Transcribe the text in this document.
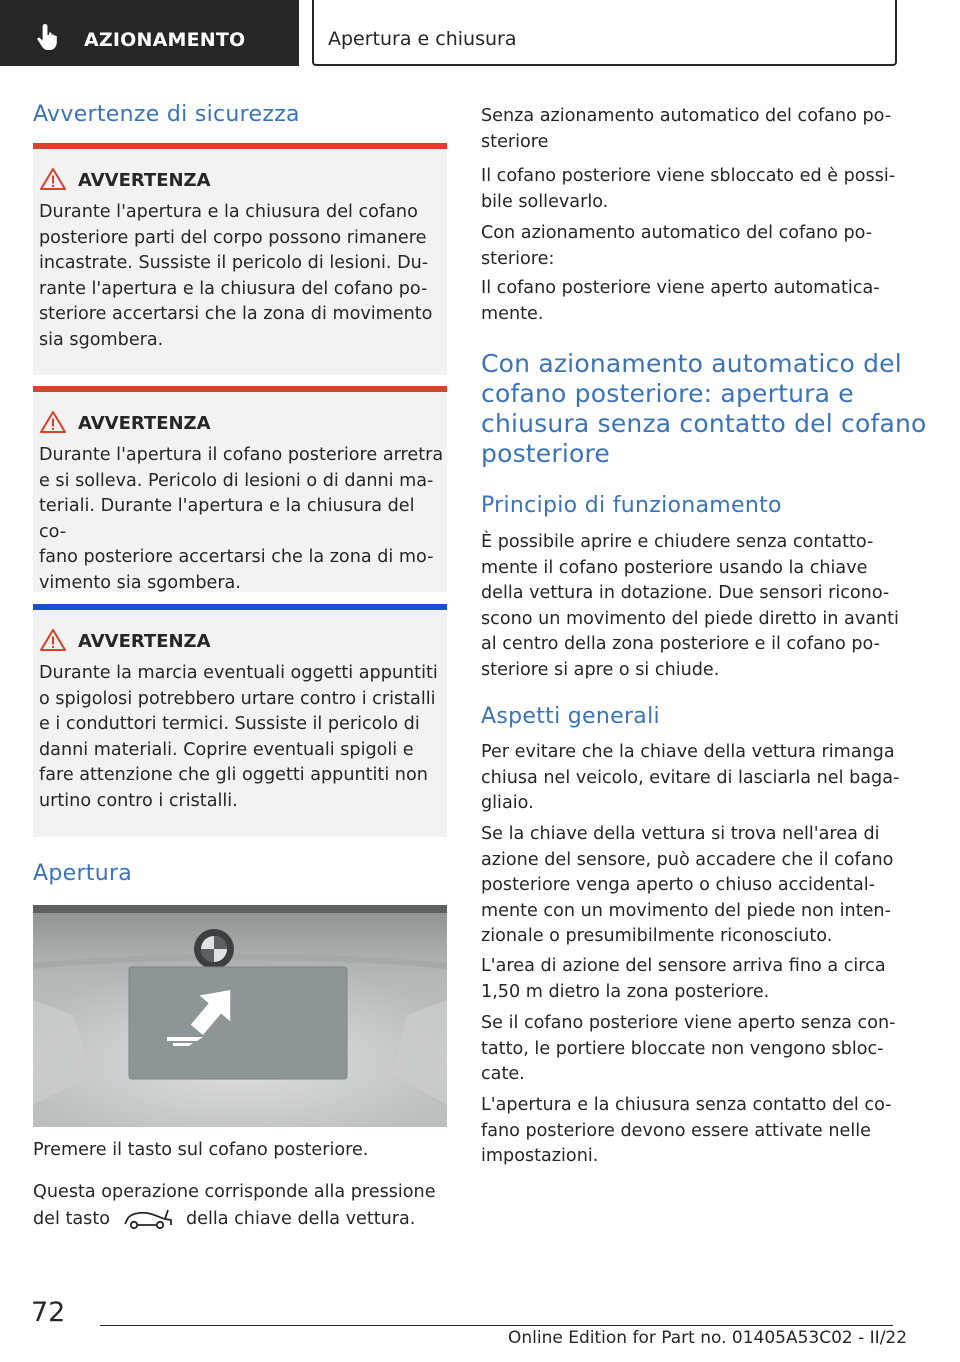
AZIONAMENTO	Apertura e chiusura
Avvertenze di sicurezza
AVVERTENZA

Durante l'apertura e la chiusura del cofano
posteriore parti del corpo possono rimanere
incastrate. Sussiste il pericolo di lesioni. Du-
rante l'apertura e la chiusura del cofano po-
steriore accertarsi che la zona di movimento
sia sgombera.

AVVERTENZA

Durante l'apertura il cofano posteriore arretra
e si solleva. Pericolo di lesioni o di danni ma-
teriali. Durante l'apertura e la chiusura del co-
fano posteriore accertarsi che la zona di mo-
vimento sia sgombera.

AVVERTENZA

Durante la marcia eventuali oggetti appuntiti
o spigolosi potrebbero urtare contro i cristalli
e i conduttori termici. Sussiste il pericolo di
danni materiali. Coprire eventuali spigoli e
fare attenzione che gli oggetti appuntiti non
urtino contro i cristalli.

Apertura

Premere il tasto sul cofano posteriore.

Questa operazione corrisponde alla pressione

del tasto	della chiave della vettura.

Senza azionamento automatico del cofano po-
steriore

Il cofano posteriore viene sbloccato ed è possi-
bile sollevarlo.

Con azionamento automatico del cofano po-
steriore:

Il cofano posteriore viene aperto automatica-
mente.

Con azionamento automatico del
cofano posteriore: apertura e
chiusura senza contatto del cofano
posteriore
Principio di funzionamento

È possibile aprire e chiudere senza contatto-
mente il cofano posteriore usando la chiave
della vettura in dotazione. Due sensori ricono-
scono un movimento del piede diretto in avanti
al centro della zona posteriore e il cofano po-
steriore si apre o si chiude.

Aspetti generali

Per evitare che la chiave della vettura rimanga
chiusa nel veicolo, evitare di lasciarla nel baga-
gliaio.

Se la chiave della vettura si trova nell'area di
azione del sensore, può accadere che il cofano
posteriore venga aperto o chiuso accidental-
mente con un movimento del piede non inten-
zionale o presumibilmente riconosciuto.

L'area di azione del sensore arriva fino a circa
1,50 m dietro la zona posteriore.

Se il cofano posteriore viene aperto senza con-
tatto, le portiere bloccate non vengono sbloc-
cate.

L'apertura e la chiusura senza contatto del co-
fano posteriore devono essere attivate nelle
impostazioni.

72
Online Edition for Part no. 01405A53C02 - II/22
